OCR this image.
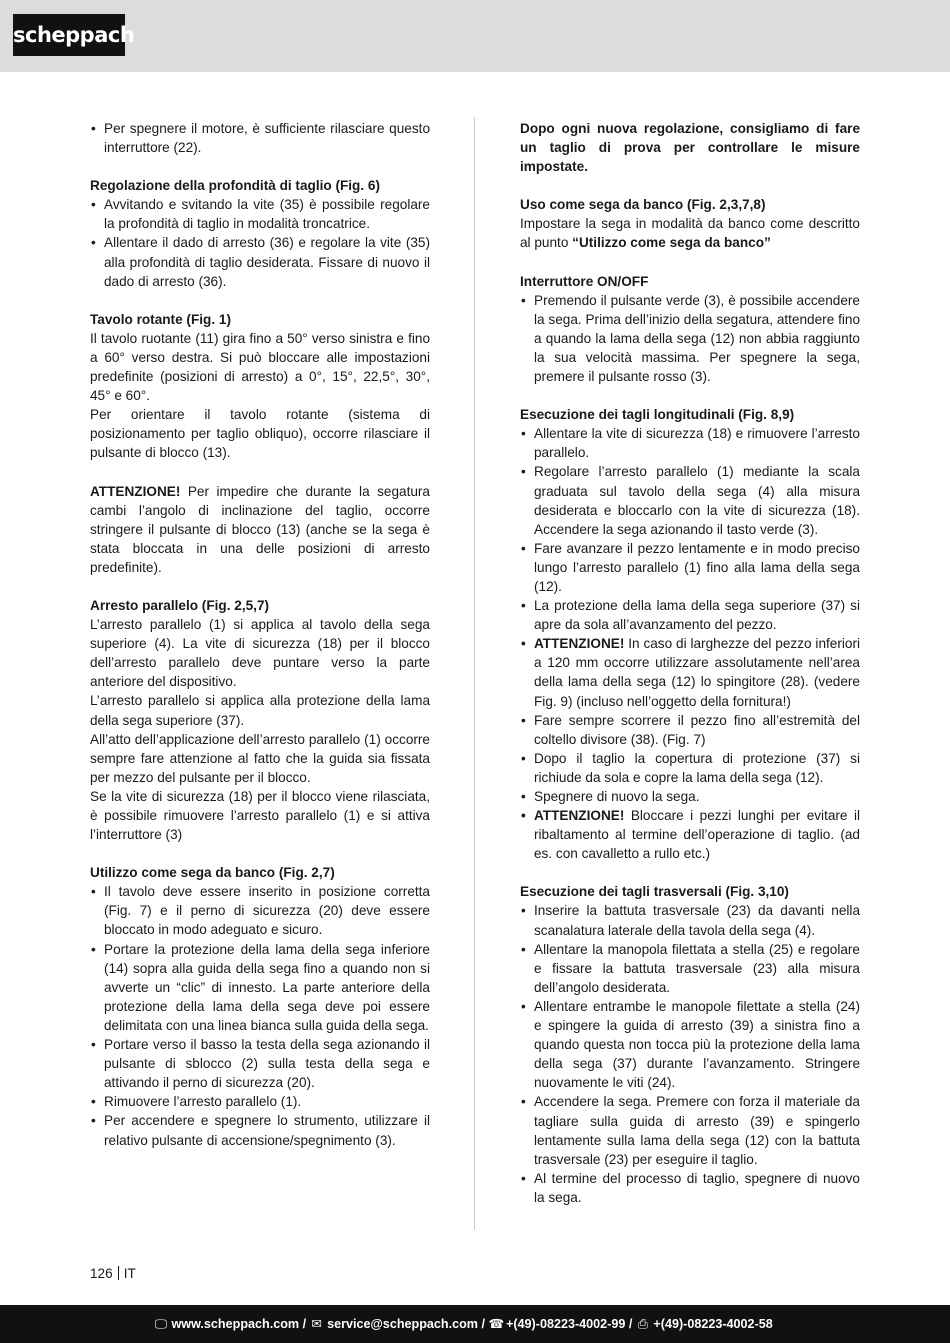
scheppach
• Per spegnere il motore, è sufficiente rilasciare questo interruttore (22).
Regolazione della profondità di taglio (Fig. 6)
• Avvitando e svitando la vite (35) è possibile regolare la profondità di taglio in modalità troncatrice.
• Allentare il dado di arresto (36) e regolare la vite (35) alla profondità di taglio desiderata. Fissare di nuovo il dado di arresto (36).
Tavolo rotante (Fig. 1)

Il tavolo ruotante (11) gira fino a 50° verso sinistra e fino a 60° verso destra. Si può bloccare alle impostazioni predefinite (posizioni di arresto) a 0°, 15°, 22,5°, 30°, 45° e 60°.

Per orientare il tavolo rotante (sistema di posizionamento per taglio obliquo), occorre rilasciare il pulsante di blocco (13).

ATTENZIONE! Per impedire che durante la segatura cambi l’angolo di inclinazione del taglio, occorre stringere il pulsante di blocco (13) (anche se la sega è stata bloccata in una delle posizioni di arresto predefinite).

Arresto parallelo (Fig. 2,5,7)

L’arresto parallelo (1) si applica al tavolo della sega superiore (4). La vite di sicurezza (18) per il blocco dell’arresto parallelo deve puntare verso la parte anteriore del dispositivo.

L’arresto parallelo si applica alla protezione della lama della sega superiore (37).

All’atto dell’applicazione dell’arresto parallelo (1) occorre sempre fare attenzione al fatto che la guida sia fissata per mezzo del pulsante per il blocco.

Se la vite di sicurezza (18) per il blocco viene rilasciata, è possibile rimuovere l’arresto parallelo (1) e si attiva l’interruttore (3)

Utilizzo come sega da banco (Fig. 2,7)
• Il tavolo deve essere inserito in posizione corretta (Fig. 7) e il perno di sicurezza (20) deve essere bloccato in modo adeguato e sicuro.
• Portare la protezione della lama della sega inferiore (14) sopra alla guida della sega fino a quando non si avverte un “clic” di innesto. La parte anteriore della protezione della lama della sega deve poi essere delimitata con una linea bianca sulla guida della sega.
• Portare verso il basso la testa della sega azionando il pulsante di sblocco (2) sulla testa della sega e attivando il perno di sicurezza (20).
• Rimuovere l’arresto parallelo (1).
• Per accendere e spegnere lo strumento, utilizzare il relativo pulsante di accensione/spegnimento (3).

Dopo ogni nuova regolazione, consigliamo di fare un taglio di prova per controllare le misure impostate.

Uso come sega da banco (Fig. 2,3,7,8)

Impostare la sega in modalità da banco come descritto al punto “Utilizzo come sega da banco”

Interruttore ON/OFF
• Premendo il pulsante verde (3), è possibile accendere la sega. Prima dell’inizio della segatura, attendere fino a quando la lama della sega (12) non abbia raggiunto la sua velocità massima. Per spegnere la sega, premere il pulsante rosso (3).
Esecuzione dei tagli longitudinali (Fig. 8,9)
• Allentare la vite di sicurezza (18) e rimuovere l’arresto parallelo.
• Regolare l’arresto parallelo (1) mediante la scala graduata sul tavolo della sega (4) alla misura desiderata e bloccarlo con la vite di sicurezza (18). Accendere la sega azionando il tasto verde (3).
• Fare avanzare il pezzo lentamente e in modo preciso lungo l’arresto parallelo (1) fino alla lama della sega (12).
• La protezione della lama della sega superiore (37) si apre da sola all’avanzamento del pezzo.
• ATTENZIONE! In caso di larghezze del pezzo inferiori a 120 mm occorre utilizzare assolutamente nell’area della lama della sega (12) lo spingitore (28). (vedere Fig. 9) (incluso nell’oggetto della fornitura!)
• Fare sempre scorrere il pezzo fino all’estremità del coltello divisore (38). (Fig. 7)
• Dopo il taglio la copertura di protezione (37) si richiude da sola e copre la lama della sega (12).
• Spegnere di nuovo la sega.
• ATTENZIONE! Bloccare i pezzi lunghi per evitare il ribaltamento al termine dell’operazione di taglio. (ad es. con cavalletto a rullo etc.)
Esecuzione dei tagli trasversali (Fig. 3,10)
• Inserire la battuta trasversale (23) da davanti nella scanalatura laterale della tavola della sega (4).
• Allentare la manopola filettata a stella (25) e regolare e fissare la battuta trasversale (23) alla misura dell’angolo desiderata.
• Allentare entrambe le manopole filettate a stella (24) e spingere la guida di arresto (39) a sinistra fino a quando questa non tocca più la protezione della lama della sega (37) durante l’avanzamento. Stringere nuovamente le viti (24).
• Accendere la sega. Premere con forza il materiale da tagliare sulla guida di arresto (39) e spingerlo lentamente sulla lama della sega (12) con la battuta trasversale (23) per eseguire il taglio.
• Al termine del processo di taglio, spegnere di nuovo la sega.
126 IT
🖵 www.scheppach.com / ✉ service@scheppach.com / ☎ +(49)-08223-4002-99 / ⎙ +(49)-08223-4002-58
